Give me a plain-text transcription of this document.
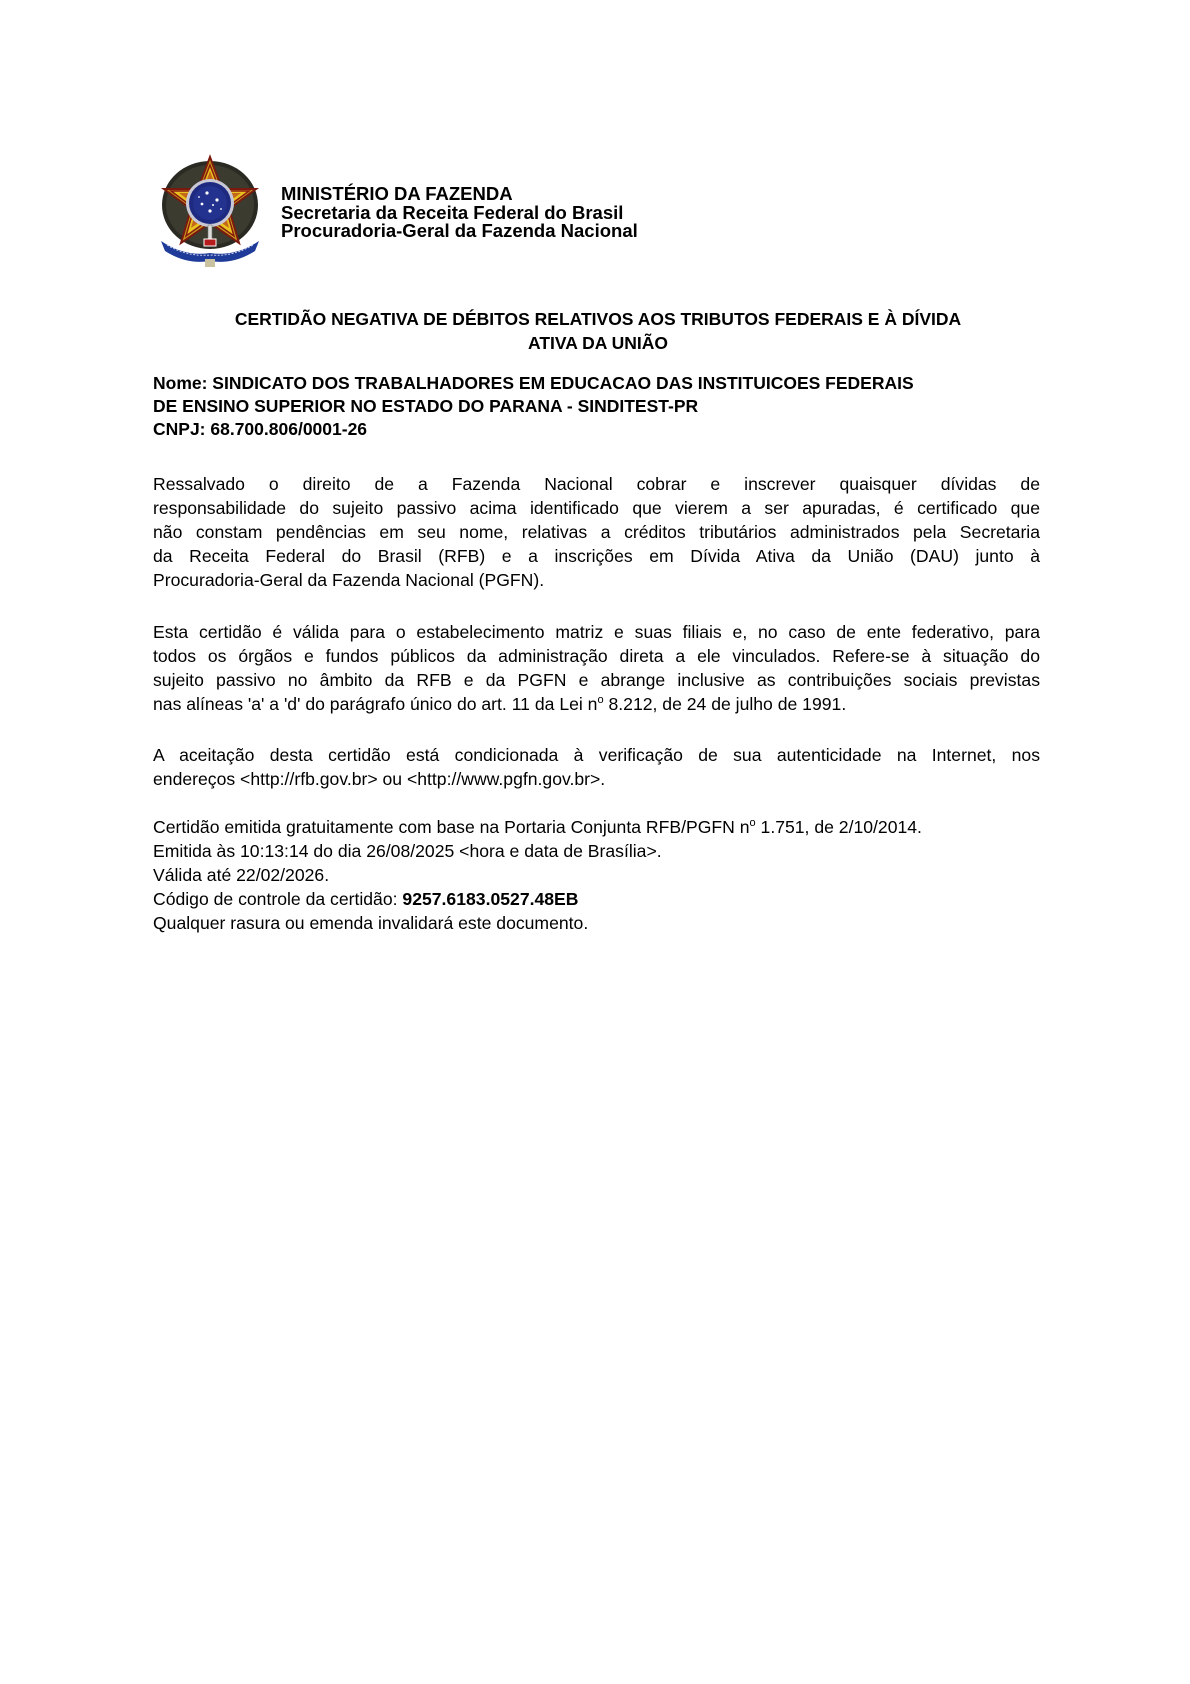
MINISTÉRIO DA FAZENDA
Secretaria da Receita Federal do Brasil
Procuradoria-Geral da Fazenda Nacional
CERTIDÃO NEGATIVA DE DÉBITOS RELATIVOS AOS TRIBUTOS FEDERAIS E À DÍVIDA
ATIVA DA UNIÃO
Nome: SINDICATO DOS TRABALHADORES EM EDUCACAO DAS INSTITUICOES FEDERAIS
DE ENSINO SUPERIOR NO ESTADO DO PARANA - SINDITEST-PR
CNPJ: 68.700.806/0001-26
Ressalvado o direito de a Fazenda Nacional cobrar e inscrever quaisquer dívidas de
responsabilidade do sujeito passivo acima identificado que vierem a ser apuradas, é certificado que
não constam pendências em seu nome, relativas a créditos tributários administrados pela Secretaria
da Receita Federal do Brasil (RFB) e a inscrições em Dívida Ativa da União (DAU) junto à
Procuradoria-Geral da Fazenda Nacional (PGFN).
Esta certidão é válida para o estabelecimento matriz e suas filiais e, no caso de ente federativo, para
todos os órgãos e fundos públicos da administração direta a ele vinculados. Refere-se à situação do
sujeito passivo no âmbito da RFB e da PGFN e abrange inclusive as contribuições sociais previstas
nas alíneas 'a' a 'd' do parágrafo único do art. 11 da Lei $n^o$ 8.212, de 24 de julho de 1991.
A aceitação desta certidão está condicionada à verificação de sua autenticidade na Internet, nos
endereços <http://rfb.gov.br> ou <http://www.pgfn.gov.br>.
Certidão emitida gratuitamente com base na Portaria Conjunta RFB/PGFN $n^o$ 1.751, de 2/10/2014.
Emitida às 10:13:14 do dia 26/08/2025 <hora e data de Brasília>.
Válida até 22/02/2026.
Código de controle da certidão: 9257.6183.0527.48EB
Qualquer rasura ou emenda invalidará este documento.
